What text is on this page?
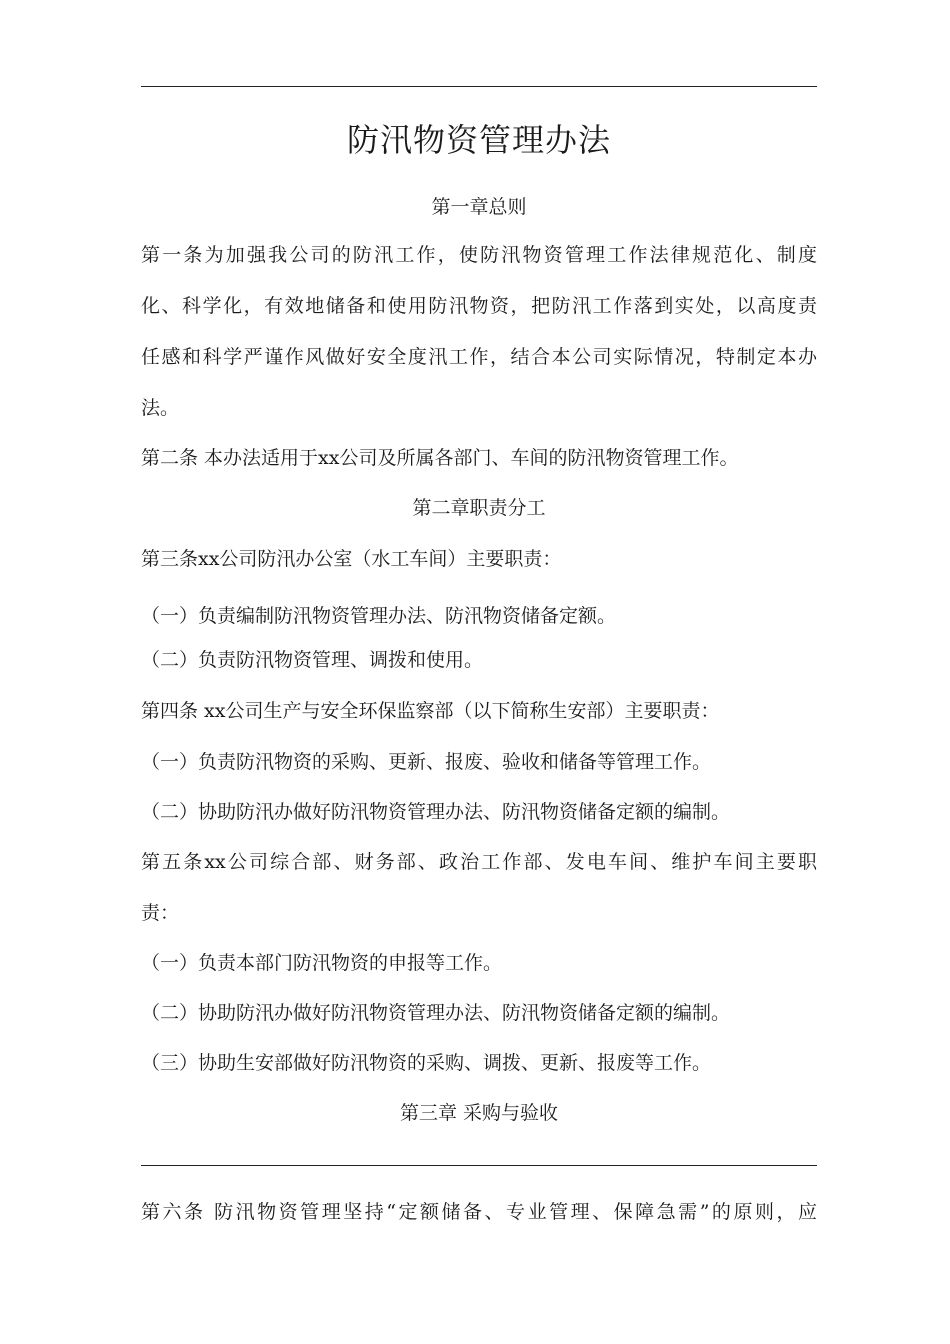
防汛物资管理办法
第一章总则
第一条为加强我公司的防汛工作，使防汛物资管理工作法律规范化、制度
化、科学化，有效地储备和使用防汛物资，把防汛工作落到实处，以高度责
任感和科学严谨作风做好安全度汛工作，结合本公司实际情况，特制定本办
法。
第二条 本办法适用于xx公司及所属各部门、车间的防汛物资管理工作。
第二章职责分工
第三条xx公司防汛办公室（水工车间）主要职责：
（一）负责编制防汛物资管理办法、防汛物资储备定额。
（二）负责防汛物资管理、调拨和使用。
第四条 xx公司生产与安全环保监察部（以下简称生安部）主要职责：
（一）负责防汛物资的采购、更新、报废、验收和储备等管理工作。
（二）协助防汛办做好防汛物资管理办法、防汛物资储备定额的编制。
第五条xx公司综合部、财务部、政治工作部、发电车间、维护车间主要职
责：
（一）负责本部门防汛物资的申报等工作。
（二）协助防汛办做好防汛物资管理办法、防汛物资储备定额的编制。
（三）协助生安部做好防汛物资的采购、调拨、更新、报废等工作。
第三章 采购与验收
第六条 防汛物资管理坚持“定额储备、专业管理、保障急需”的原则，应
